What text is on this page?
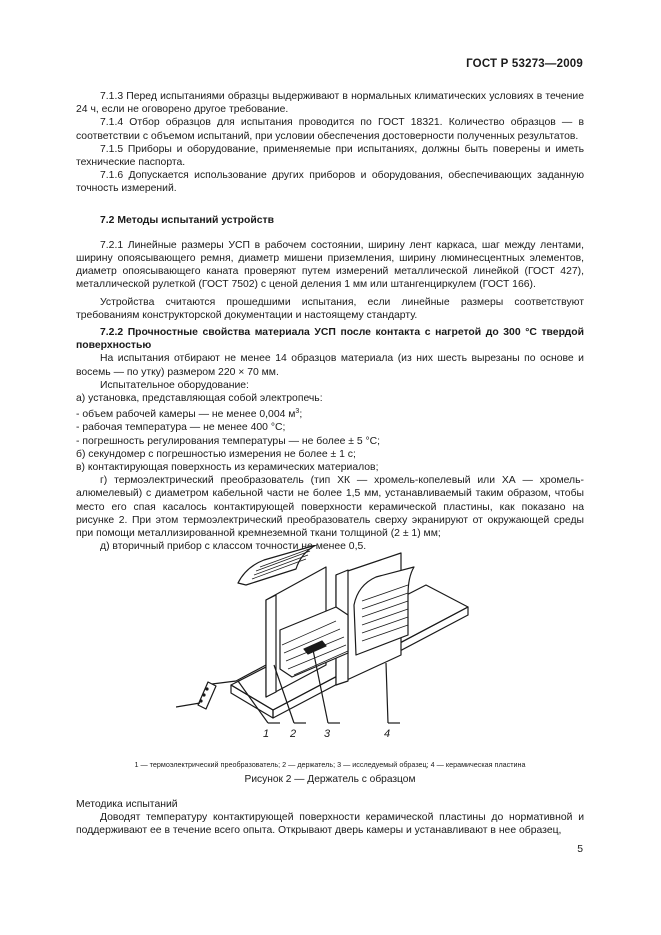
ГОСТ Р 53273—2009

7.1.3 Перед испытаниями образцы выдерживают в нормальных климатических условиях в течение 24 ч, если не оговорено другое требование.

7.1.4 Отбор образцов для испытания проводится по ГОСТ 18321. Количество образцов — в соответствии с объемом испытаний, при условии обеспечения достоверности полученных результатов.

7.1.5 Приборы и оборудование, применяемые при испытаниях, должны быть поверены и иметь технические паспорта.

7.1.6 Допускается использование других приборов и оборудования, обеспечивающих заданную точность измерений.

7.2 Методы испытаний устройств

7.2.1 Линейные размеры УСП в рабочем состоянии, ширину лент каркаса, шаг между лентами, ширину опоясывающего ремня, диаметр мишени приземления, ширину люминесцентных элементов, диаметр опоясывающего каната проверяют путем измерений металлической линейкой (ГОСТ 427), металлической рулеткой (ГОСТ 7502) с ценой деления 1 мм или штангенциркулем (ГОСТ 166).

Устройства считаются прошедшими испытания, если линейные размеры соответствуют требованиям конструкторской документации и настоящему стандарту.

7.2.2 Прочностные свойства материала УСП после контакта с нагретой до 300 °С твердой поверхностью

На испытания отбирают не менее 14 образцов материала (из них шесть вырезаны по основе и восемь — по утку) размером 220 × 70 мм.

Испытательное оборудование:

а) установка, представляющая собой электропечь:

- объем рабочей камеры — не менее 0,004 $м^3$;

- рабочая температура — не менее 400 °С;

- погрешность регулирования температуры — не более ± 5 °С;

б) секундомер с погрешностью измерения не более ± 1 с;

в) контактирующая поверхность из керамических материалов;

г) термоэлектрический преобразователь (тип ХК — хромель-копелевый или ХА — хромель-алюмелевый) с диаметром кабельной части не более 1,5 мм, устанавливаемый таким образом, чтобы место его спая касалось контактирующей поверхности керамической пластины, как показано на рисунке 2. При этом термоэлектрический преобразователь сверху экранируют от окружающей среды при помощи металлизированной кремнеземной ткани толщиной (2 ± 1) мм;

д) вторичный прибор с классом точности не менее 0,5.

1 2	3	4
1 — термоэлектрический преобразователь; 2 — держатель; 3 — исследуемый образец; 4 — керамическая пластина
Рисунок 2 — Держатель с образцом

Методика испытаний

Доводят температуру контактирующей поверхности керамической пластины до нормативной и поддерживают ее в течение всего опыта. Открывают дверь камеры и устанавливают в нее образец,

5
